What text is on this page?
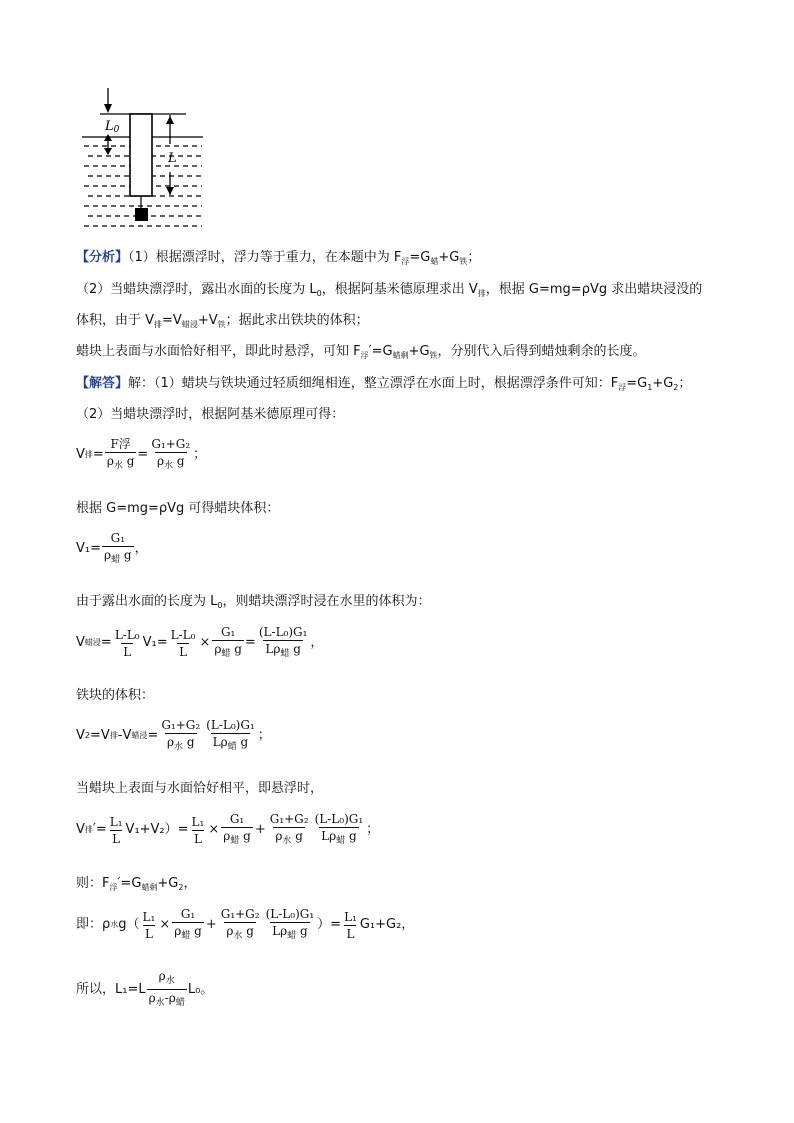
L0
L
【分析】（1）根据漂浮时，浮力等于重力，在本题中为 $F_浮=G_蜡+G_铁$；
（2）当蜡块漂浮时，露出水面的长度为 $L_0$，根据阿基米德原理求出 $V_排$，根据 G=mg=ρVg 求出蜡块浸没的
体积，由于 $V_排=V_{蜡浸}+V_铁$；据此求出铁块的体积；
蜡块上表面与水面恰好相平，即此时悬浮，可知 $F_浮'=G_{蜡剩}+G_铁$，分别代入后得到蜡烛剩余的长度。
【解答】解：（1）蜡块与铁块通过轻质细绳相连，整立漂浮在水面上时，根据漂浮条件可知：$F_浮=G_1+G_2$；
（2）当蜡块漂浮时，根据阿基米德原理可得：
V 排 = $\frac{\text{F浮}}{\rho_水 g} = \frac{\text{G₁+G₂}}{\rho_水 g}$ ；
根据 G=mg=ρVg 可得蜡块体积：
$V_1 = \frac{\text{G₁}}{\rho_蜡 g}$ ，
由于露出水面的长度为 $L_0$，则蜡块漂浮时浸在水里的体积为：
V 蜡浸 = $\frac{\text{L-L₀}}{L} V_1 = \frac{\text{L-L₀}}{L} \times \frac{\text{G₁}}{\rho_蜡 g} = \frac{\text{(L-L₀)G₁}}{L\rho_蜡 g}$ ，
铁块的体积：
V 2 =V 排 - V 蜡浸 = $\frac{\text{G₁+G₂}}{\rho_水 g} \frac{\text{(L-L₀)G₁}}{L\rho_蜡 g}$ ；
当蜡块上表面与水面恰好相平，即悬浮时，
V 排 ′= $\frac{\text{L₁}}{L} V_1+V_2)= \frac{\text{L₁}}{L} \times \frac{\text{G₁}}{\rho_蜡 g} + \frac{\text{G₁+G₂}}{\rho_水 g} \frac{\text{(L-L₀)G₁}}{L\rho_蜡 g}$ ；
则：$F_浮'=G_{蜡剩}+G_2$，
即： ρ 水 $g( \frac{\text{L₁}}{L} \times \frac{\text{G₁}}{\rho_蜡 g} + \frac{\text{G₁+G₂}}{\rho_水 g} \frac{\text{(L-L₀)G₁}}{L\rho_蜡 g}$ ）= $\frac{\text{L₁}}{L} G_1+G_2$，
所以， $L_1=L \frac{\rho_水}{\rho_水-\rho_蜡} L_0$ 。
